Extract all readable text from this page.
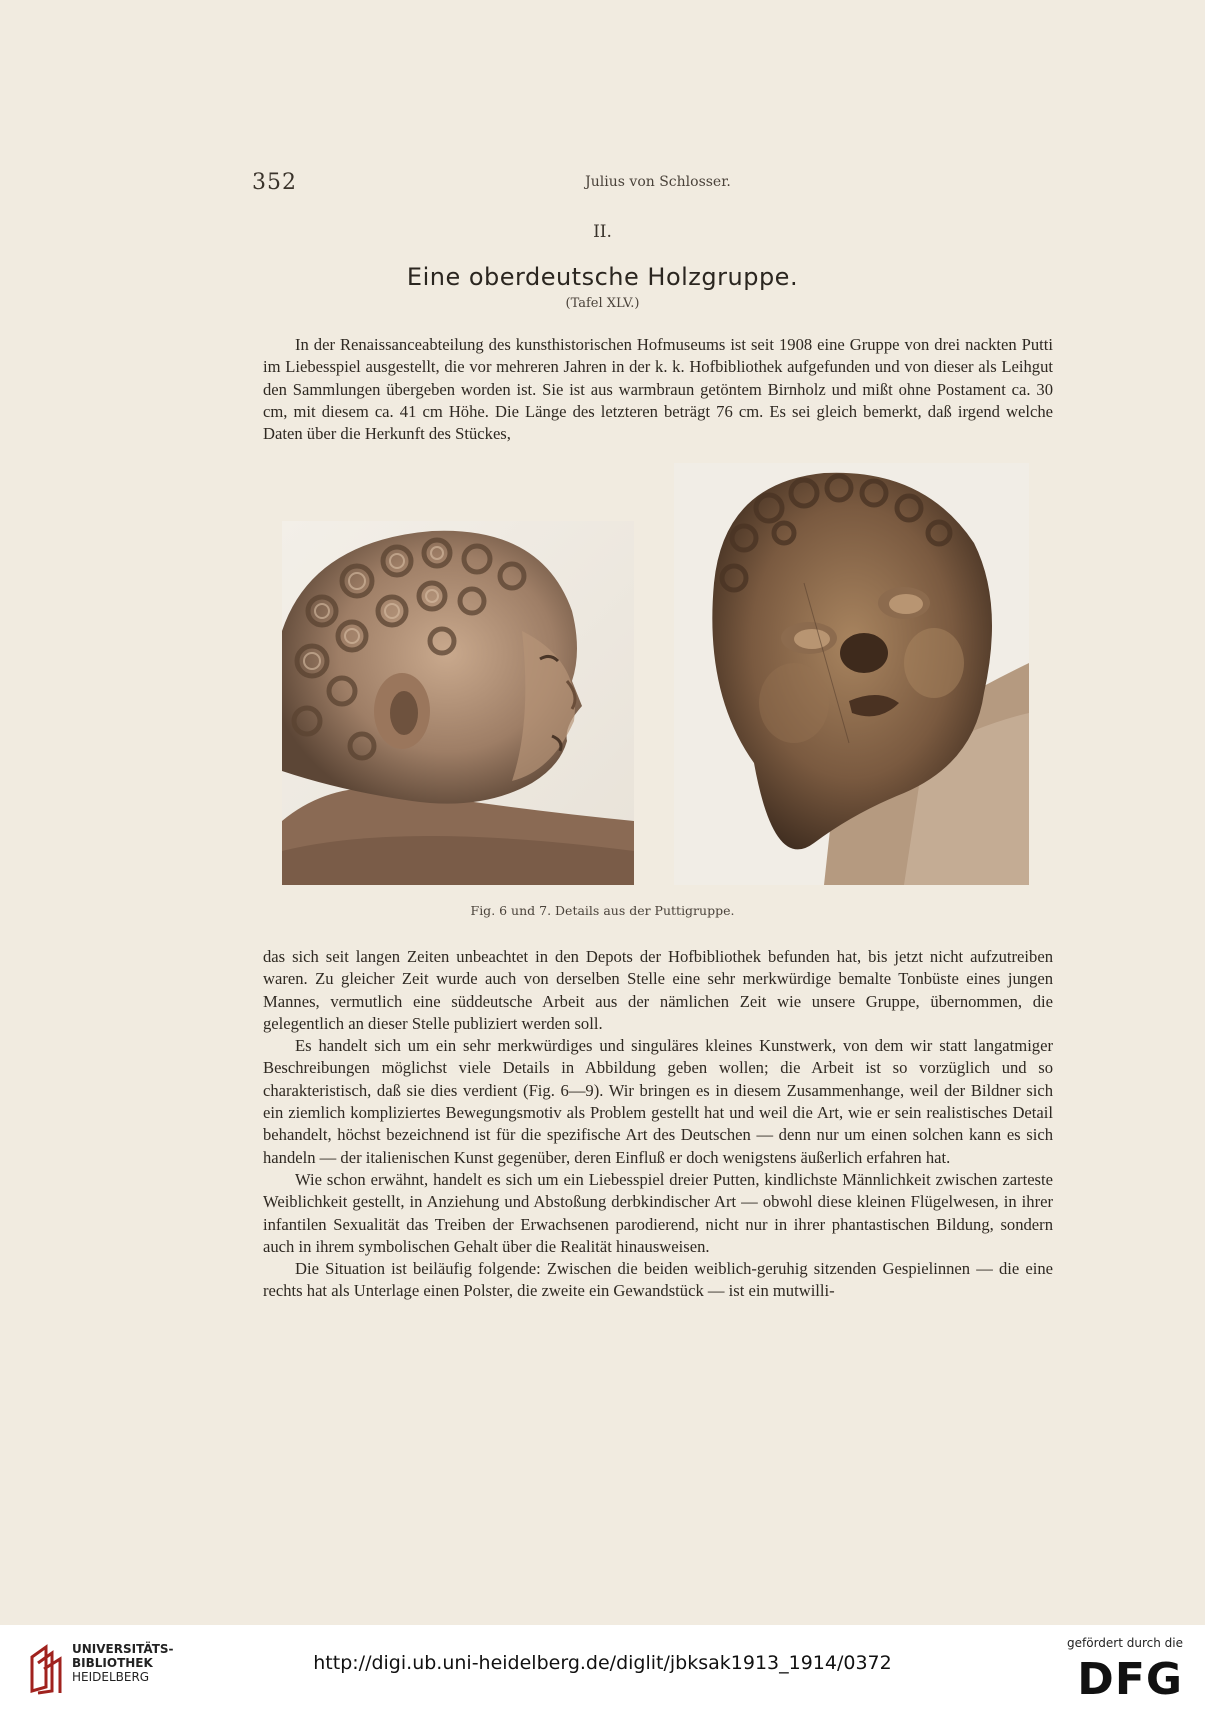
352	Julius von Schlosser.
II.
Eine oberdeutsche Holzgruppe.
(Tafel XLV.)

In der Renaissanceabteilung des kunsthistorischen Hofmuseums ist seit 1908 eine Gruppe von drei nackten Putti im Liebesspiel ausgestellt, die vor mehreren Jahren in der k. k. Hofbibliothek aufgefunden und von dieser als Leihgut den Sammlungen übergeben worden ist. Sie ist aus warmbraun getöntem Birnholz und mißt ohne Postament ca. 30 cm, mit diesem ca. 41 cm Höhe. Die Länge des letzteren beträgt 76 cm. Es sei gleich bemerkt, daß irgend welche Daten über die Herkunft des Stückes,

Fig. 6 und 7. Details aus der Puttigruppe.

das sich seit langen Zeiten unbeachtet in den Depots der Hofbibliothek befunden hat, bis jetzt nicht aufzutreiben waren. Zu gleicher Zeit wurde auch von derselben Stelle eine sehr merkwürdige bemalte Tonbüste eines jungen Mannes, vermutlich eine süddeutsche Arbeit aus der nämlichen Zeit wie unsere Gruppe, übernommen, die gelegentlich an dieser Stelle publiziert werden soll.

Es handelt sich um ein sehr merkwürdiges und singuläres kleines Kunstwerk, von dem wir statt langatmiger Beschreibungen möglichst viele Details in Abbildung geben wollen; die Arbeit ist so vorzüglich und so charakteristisch, daß sie dies verdient (Fig. 6—9). Wir bringen es in diesem Zusammenhange, weil der Bildner sich ein ziemlich kompliziertes Bewegungsmotiv als Problem gestellt hat und weil die Art, wie er sein realistisches Detail behandelt, höchst bezeichnend ist für die spezifische Art des Deutschen — denn nur um einen solchen kann es sich handeln — der italienischen Kunst gegenüber, deren Einfluß er doch wenigstens äußerlich erfahren hat.

Wie schon erwähnt, handelt es sich um ein Liebesspiel dreier Putten, kindlichste Männlichkeit zwischen zarteste Weiblichkeit gestellt, in Anziehung und Abstoßung derbkindischer Art — obwohl diese kleinen Flügelwesen, in ihrer infantilen Sexualität das Treiben der Erwachsenen parodierend, nicht nur in ihrer phantastischen Bildung, sondern auch in ihrem symbolischen Gehalt über die Realität hinausweisen.

Die Situation ist beiläufig folgende: Zwischen die beiden weiblich-geruhig sitzenden Gespielinnen — die eine rechts hat als Unterlage einen Polster, die zweite ein Gewandstück — ist ein mutwilli-

UNIVERSITÄTS-
BIBLIOTHEK
HEIDELBERG
http://digi.ub.uni-heidelberg.de/diglit/jbksak1913_1914/0372
gefördert durch die
DFG
